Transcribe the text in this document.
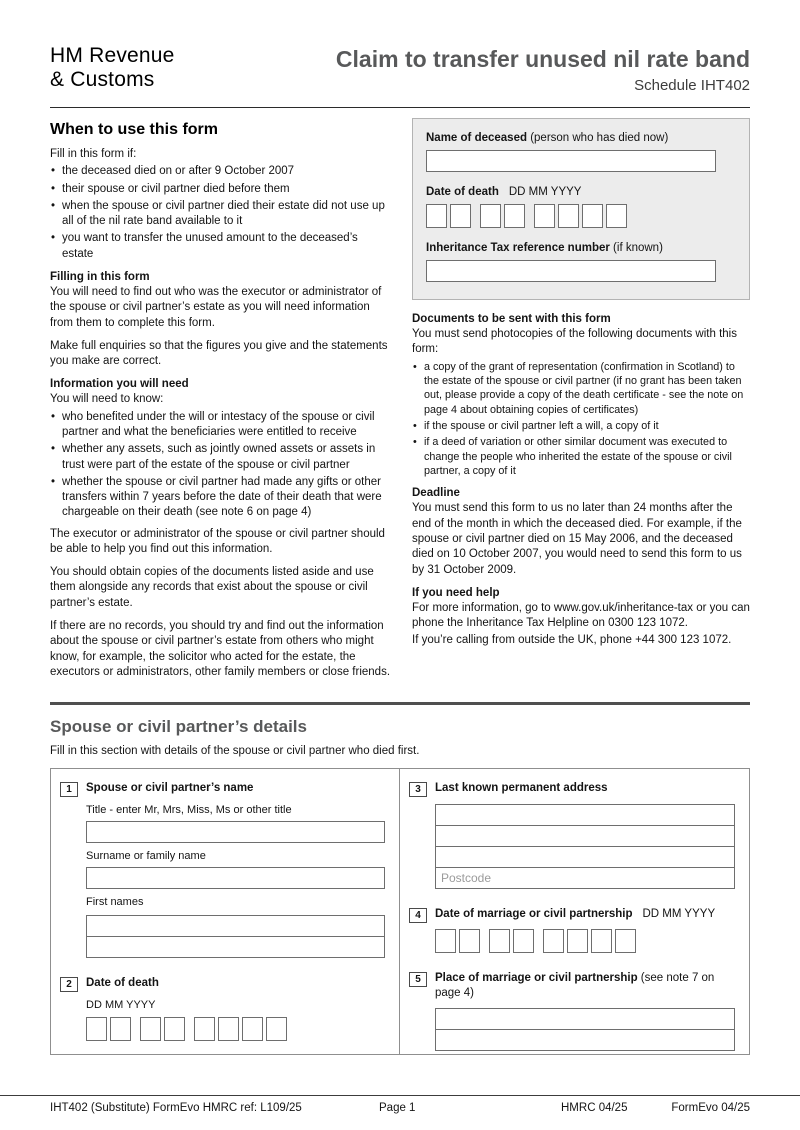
HM Revenue
& Customs
Claim to transfer unused nil rate band
Schedule IHT402
When to use this form

Fill in this form if:

• the deceased died on or after 9 October 2007
• their spouse or civil partner died before them
• when the spouse or civil partner died their estate did not use up all of the nil rate band available to it
• you want to transfer the unused amount to the deceased’s estate
Filling in this form

You will need to find out who was the executor or administrator of the spouse or civil partner’s estate as you will need information from them to complete this form.

Make full enquiries so that the figures you give and the statements you make are correct.

Information you will need

You will need to know:

• who benefited under the will or intestacy of the spouse or civil partner and what the beneficiaries were entitled to receive
• whether any assets, such as jointly owned assets or assets in trust were part of the estate of the spouse or civil partner
• whether the spouse or civil partner had made any gifts or other transfers within 7 years before the date of their death that were chargeable on their death (see note 6 on page 4)

The executor or administrator of the spouse or civil partner should be able to help you find out this information.

You should obtain copies of the documents listed aside and use them alongside any records that exist about the spouse or civil partner’s estate.

If there are no records, you should try and find out the information about the spouse or civil partner’s estate from others who might know, for example, the solicitor who acted for the estate, the executors or administrators, other family members or close friends.

Name of deceased (person who has died now)
Date of death DD MM YYYY
Inheritance Tax reference number (if known)
Documents to be sent with this form

You must send photocopies of the following documents with this form:

• a copy of the grant of representation (confirmation in Scotland) to the estate of the spouse or civil partner (if no grant has been taken out, please provide a copy of the death certificate - see the note on page 4 about obtaining copies of certificates)
• if the spouse or civil partner left a will, a copy of it
• if a deed of variation or other similar document was executed to change the people who inherited the estate of the spouse or civil partner, a copy of it
Deadline

You must send this form to us no later than 24 months after the end of the month in which the deceased died. For example, if the spouse or civil partner died on 15 May 2006, and the deceased died on 10 October 2007, you would need to send this form to us by 31 October 2009.

If you need help

For more information, go to www.gov.uk/inheritance-tax or you can phone the Inheritance Tax Helpline on 0300 123 1072.

If you’re calling from outside the UK, phone +44 300 123 1072.

Spouse or civil partner’s details

Fill in this section with details of the spouse or civil partner who died first.

1	Spouse or civil partner’s name
Title - enter Mr, Mrs, Miss, Ms or other title
Surname or family name
First names
2	Date of death
DD MM YYYY
3	Last known permanent address
Postcode
4	Date of marriage or civil partnership DD MM YYYY
5	Place of marriage or civil partnership (see note 7 on page 4)
IHT402 (Substitute) FormEvo HMRC ref: L109/25	Page 1	HMRC 04/25	FormEvo 04/25
